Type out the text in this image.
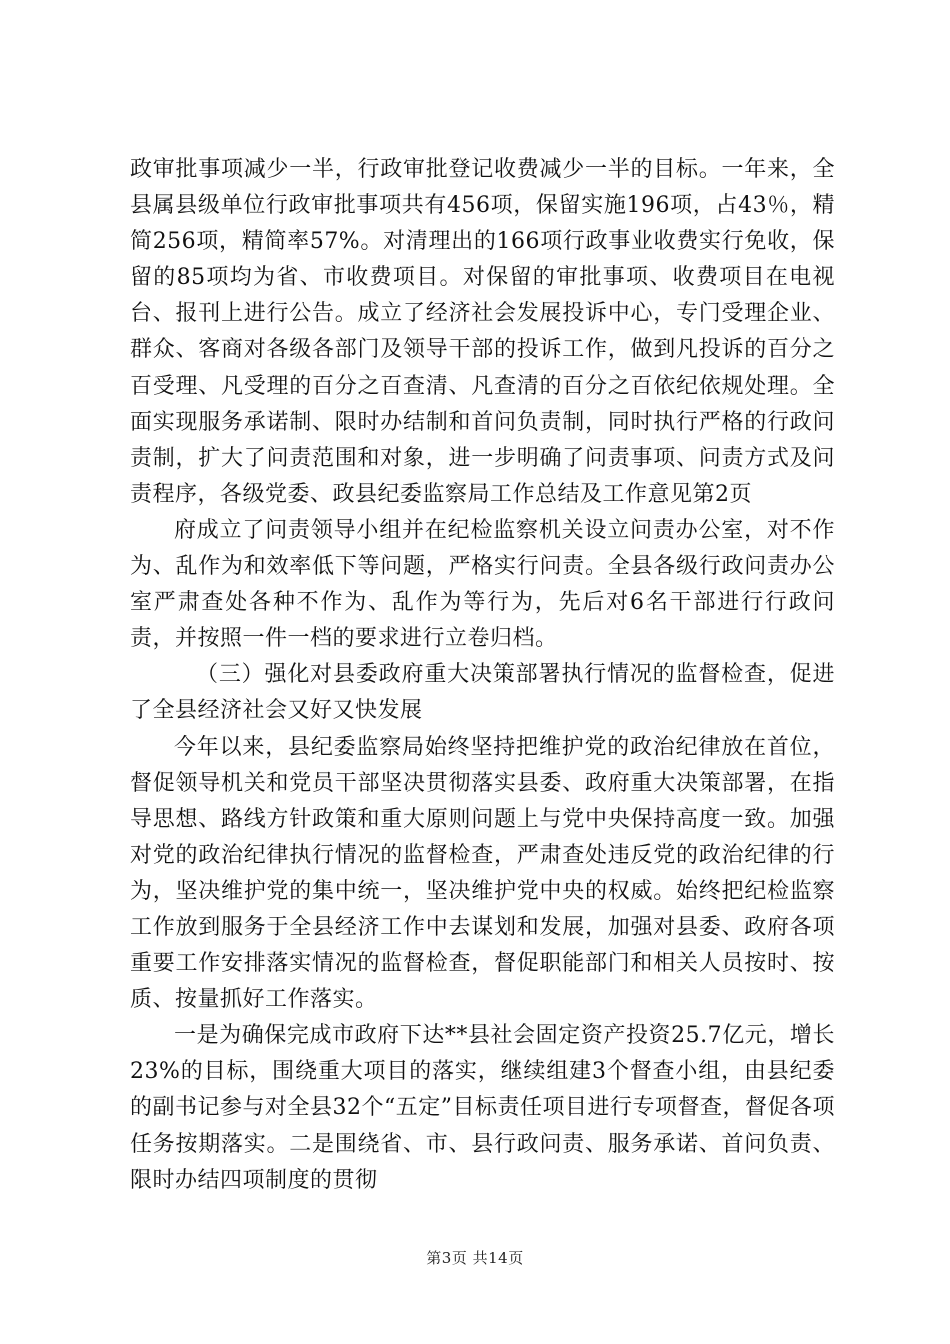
政审批事项减少一半，行政审批登记收费减少一半的目标。一年来，全县属县级单位行政审批事项共有456项，保留实施196项，占43％，精简256项，精简率57%。对清理出的166项行政事业收费实行免收，保留的85项均为省、市收费项目。对保留的审批事项、收费项目在电视台、报刊上进行公告。成立了经济社会发展投诉中心，专门受理企业、群众、客商对各级各部门及领导干部的投诉工作，做到凡投诉的百分之百受理、凡受理的百分之百查清、凡查清的百分之百依纪依规处理。全面实现服务承诺制、限时办结制和首问负责制，同时执行严格的行政问责制，扩大了问责范围和对象，进一步明确了问责事项、问责方式及问责程序，各级党委、政县纪委监察局工作总结及工作意见第2页

府成立了问责领导小组并在纪检监察机关设立问责办公室，对不作为、乱作为和效率低下等问题，严格实行问责。全县各级行政问责办公室严肃查处各种不作为、乱作为等行为，先后对6名干部进行行政问责，并按照一件一档的要求进行立卷归档。

（三）强化对县委政府重大决策部署执行情况的监督检查，促进了全县经济社会又好又快发展

今年以来，县纪委监察局始终坚持把维护党的政治纪律放在首位，督促领导机关和党员干部坚决贯彻落实县委、政府重大决策部署，在指导思想、路线方针政策和重大原则问题上与党中央保持高度一致。加强对党的政治纪律执行情况的监督检查，严肃查处违反党的政治纪律的行为，坚决维护党的集中统一，坚决维护党中央的权威。始终把纪检监察工作放到服务于全县经济工作中去谋划和发展，加强对县委、政府各项重要工作安排落实情况的监督检查，督促职能部门和相关人员按时、按质、按量抓好工作落实。

一是为确保完成市政府下达**县社会固定资产投资25.7亿元，增长23%的目标，围绕重大项目的落实，继续组建3个督查小组，由县纪委的副书记参与对全县32个“五定”目标责任项目进行专项督查，督促各项任务按期落实。二是围绕省、市、县行政问责、服务承诺、首问负责、限时办结四项制度的贯彻

第3页 共14页
